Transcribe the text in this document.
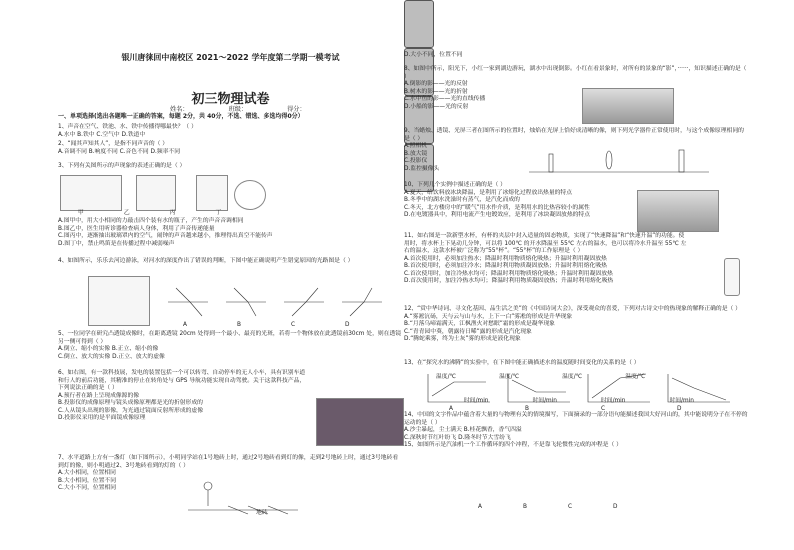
银川唐徕回中南校区 2021～2022 学年度第二学期一模考试
初三物理试卷
姓名：	班级：	得分：
一、单项选择(选出各题唯一正确的答案，每题 2分，共 40分，不选、错选、多选均得0分）
1、声音在空气、铁池、水、铁中传播得哪最快？（ ）
A.水中 B.铁中 C.空气中 D.铁道中
2、“闻其声知其人”，是指不同声音的（ ）
A.音调不同 B.响度不同 C.音色不同 D.频率不同
3、下列有关图所示的声现象的表述正确的是（ ）
甲	乙	丙	丁
A.图甲中，用大小相同的力敲击四个装有水的瓶子，产生的声音音调相同
B.图乙中，医生用听诊器检查病人身体，利用了声音传递能量
C.图丙中，逐渐抽出玻璃罩内的空气，闹钟的声音越来越小，推理得出真空不能传声
D.图丁中，禁止鸣笛是在传播过程中减弱噪声
4、如图所示，乐乐去河边游泳，对河水的深度作出了错误的判断，下图中能正确说明产生错觉原因的光路图是（ ）
A	B	C	D
5、一位同学在研究凸透镜成像时，在距离透镜 20cm 处得到一个最小、最亮的光斑，若将一个物体放在此透镜前30cm 处，则在透镜另一侧可得到（ ）
A.倒立、缩小的实像 B.正立、缩小的像
C.倒立、放大的实像 D.正立、放大的虚像
6、如右图，有一款科技展，发电的装置包括一个可以转弯、自动停车的无人小车，具有识别车道和行人的前后功能，其精准的停止在转角处与 GPS 导航功能实现自动驾驶。关于这款科技产品，下列说法正确的是（ ）
A.预行者在路上呈现成像源的像
B.投影仪的成像原理与镜头成像原理都是光的折射形成的
C.人从镜头出现的影像，为光通过镜面反射所形成的虚像
D.投影仪采用的是平面镜成像原理
7、水平道路上方有一盏灯（如下图所示），小明同学站在1号地砖上时，通过2号地砖看到灯的像，走到2号地砖上时，通过3号地砖看到灯的像，则小明通过2、3号地砖看到的灯的（ ）
A.大小相同，位置相同
B.大小相同，位置不同
C.大小不同，位置相同
地砖
D.大小不同，位置不同
8、如图中所示，阳光下，小红一家到湖边游玩，湖水中出现倒影。小红在看景象时，对所有的景象的“影”，······，知识描述正确的是（ ）
A.倒影的影——光的反射
B.树木的影——光的折射
C.水中鱼的影——光的直线传播
D.小船的影——光的反射
9、当蜡烛、透镜、光屏三者在图所示的位置时，烛焰在光屏上恰好成清晰的像，则下列光学器件正常使用时，与这个成像原理相同的是（ ）
A.照相机
B.放大镜
C.投影仪
D.监控摄像头
10、下列几个实例中描述正确的是（ ）
A.夏天，给饮料放冰块降温，是利用了冰熔化过程放出热量的特点
B.冬季中的湖水洗澡时有蒸气，是汽化而成的
C.冬天，北方楼房中的“暖气”用水作介质，是利用水的比热容较小的属性
D.在电镀器具中，利用电流产生电镀效应，是利用了冰块凝固放热的特点
11、如右图是一款新型水杯，有杯的夹层中封入适量的固态物质，实现了“快速降温”和“快速升温”的功能。使用时，将水杯上下晃动几分钟，可以将 100℃ 的开水降温至 55℃ 左右的温水，也可以将冷水升温至 55℃ 左右的温水，这款水杯被广泛称为“55°杯”。“55°杯”的工作原理是（ ）
A.首次使用时，必须加注热水；降温时利用物质熔化吸热；升温时利用凝固放热
B.首次使用时，必须加注冷水；降温时利用物质凝固放热；升温时利用熔化吸热
C.首次使用时，加注冷热水均可；降温时利用物质熔化吸热；升温时利用凝固放热
D.首次使用时，加注冷热水均可；降温时利用物质凝固放热；升温时利用熔化吸热
12、“赏中华诗词、寻文化基因、品生活之美”的《中国诗词大会》，深受观众的喜爱，下列对古诗文中的热现象的解释正确的是（ ）
A.“雾凇沆砀，天与云与山与水，上下一白”雾凇的形成是升华现象
B.“月落乌啼霜满天，江枫渔火对愁眠”霜的形成是凝华现象
C.“青青园中葵，朝露待日晞”露的形成是汽化现象
D.“腾蛇乘雾，终为土灰”雾的形成是液化现象
13、在“探究水的沸腾”的实验中，在下图中能正确描述水的温度随时间变化的关系的是（ ）
温度/℃	温度/℃	温度/℃	温度/℃
时间/min	时间/min	时间/min	时间/min
A	B	C	D
14、中国的文字作品中蕴含着大量的与物理有关的情境描写，下面摘录的一部分语句能描述我国大好河山的，其中能说明分子在不停的运动的是（ ）
A.沙尘暴起，尘土满天 B.桂花飘香，香气四溢
C.深秋时节红叶纷飞 D.隆冬时节大雪纷飞
15、如图所示是汽油机一个工作循环的四个冲程，不是靠飞轮惯性完成的冲程是（ ）
A	B	C	D
